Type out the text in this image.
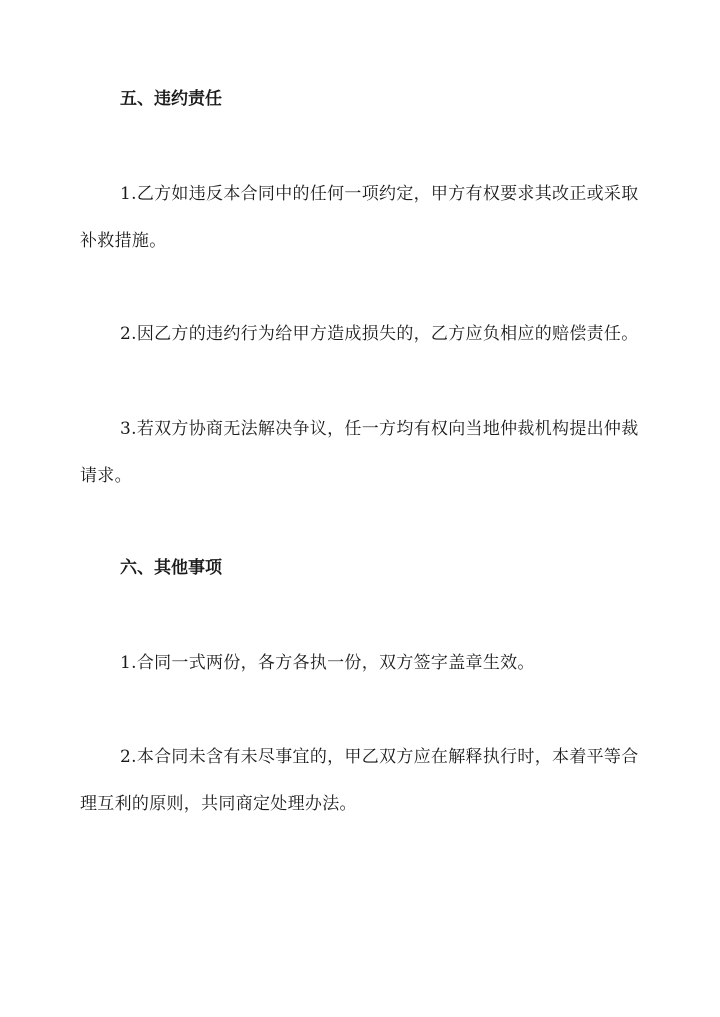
五、违约责任

1.乙方如违反本合同中的任何一项约定，甲方有权要求其改正或采取补救措施。

2.因乙方的违约行为给甲方造成损失的，乙方应负相应的赔偿责任。

3.若双方协商无法解决争议，任一方均有权向当地仲裁机构提出仲裁请求。

六、其他事项

1.合同一式两份，各方各执一份，双方签字盖章生效。

2.本合同未含有未尽事宜的，甲乙双方应在解释执行时，本着平等合理互利的原则，共同商定处理办法。
